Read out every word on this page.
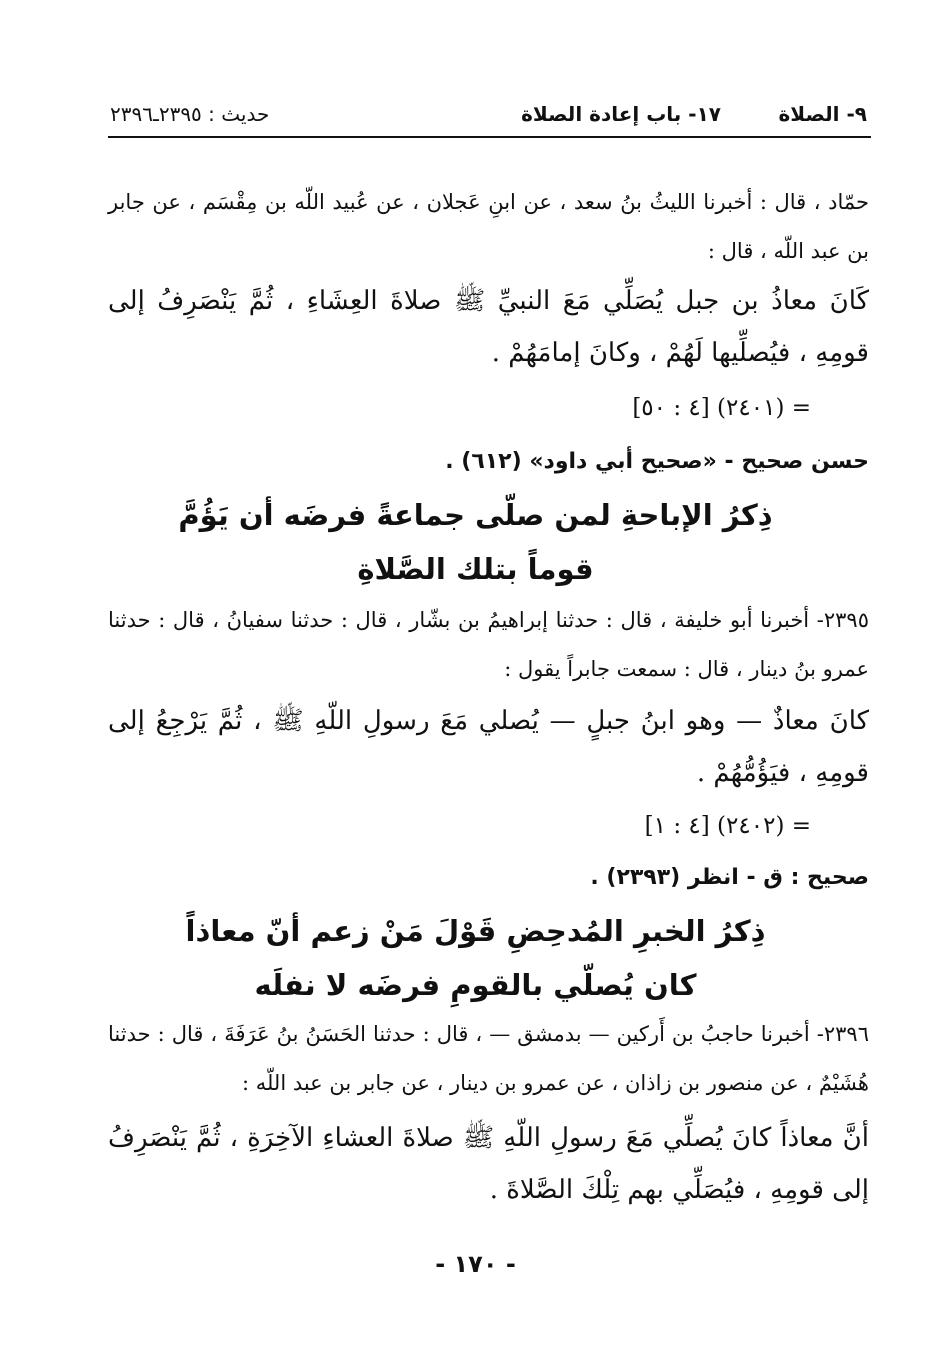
٩- الصلاة
١٧- باب إعادة الصلاة
حديث : ٢٣٩٥ـ٢٣٩٦
حمّاد ، قال : أخبرنا الليثُ بنُ سعد ، عن ابنِ عَجلان ، عن عُبيد اللّه بن مِقْسَم ، عن جابر بن عبد اللّه ، قال :
كَانَ معاذُ بن جبل يُصَلِّي مَعَ النبيِّ ﷺ صلاةَ العِشَاءِ ، ثُمَّ يَنْصَرِفُ إلى قومِهِ ، فيُصلِّيها لَهُمْ ، وكانَ إمامَهُمْ .
= (٢٤٠١) [٤ : ٥٠]
حسن صحيح - «صحيح أبي داود» (٦١٢) .
ذِكرُ الإباحةِ لمن صلّى جماعةً فرضَه أن يَؤُمَّ قوماً بتلك الصَّلاةِ
٢٣٩٥- أخبرنا أبو خليفة ، قال : حدثنا إبراهيمُ بن بشّار ، قال : حدثنا سفيانُ ، قال : حدثنا عمرو بنُ دينار ، قال : سمعت جابراً يقول :
كانَ معاذٌ — وهو ابنُ جبلٍ — يُصلي مَعَ رسولِ اللّهِ ﷺ ، ثُمَّ يَرْجِعُ إلى قومِهِ ، فيَؤُمُّهُمْ .
= (٢٤٠٢) [٤ : ١]
صحيح : ق - انظر (٢٣٩٣) .
ذِكرُ الخبرِ المُدحِضِ قَوْلَ مَنْ زعم أنّ معاذاً كان يُصلّي بالقومِ فرضَه لا نفلَه
٢٣٩٦- أخبرنا حاجبُ بن أَركين — بدمشق — ، قال : حدثنا الحَسَنُ بنُ عَرَفَةَ ، قال : حدثنا هُشَيْمٌ ، عن منصور بن زاذان ، عن عمرو بن دينار ، عن جابر بن عبد اللّه :
أنَّ معاذاً كانَ يُصلِّي مَعَ رسولِ اللّهِ ﷺ صلاةَ العشاءِ الآخِرَةِ ، ثُمَّ يَنْصَرِفُ إلى قومِهِ ، فيُصَلِّي بهم تِلْكَ الصَّلاةَ .
- ١٧٠ -
